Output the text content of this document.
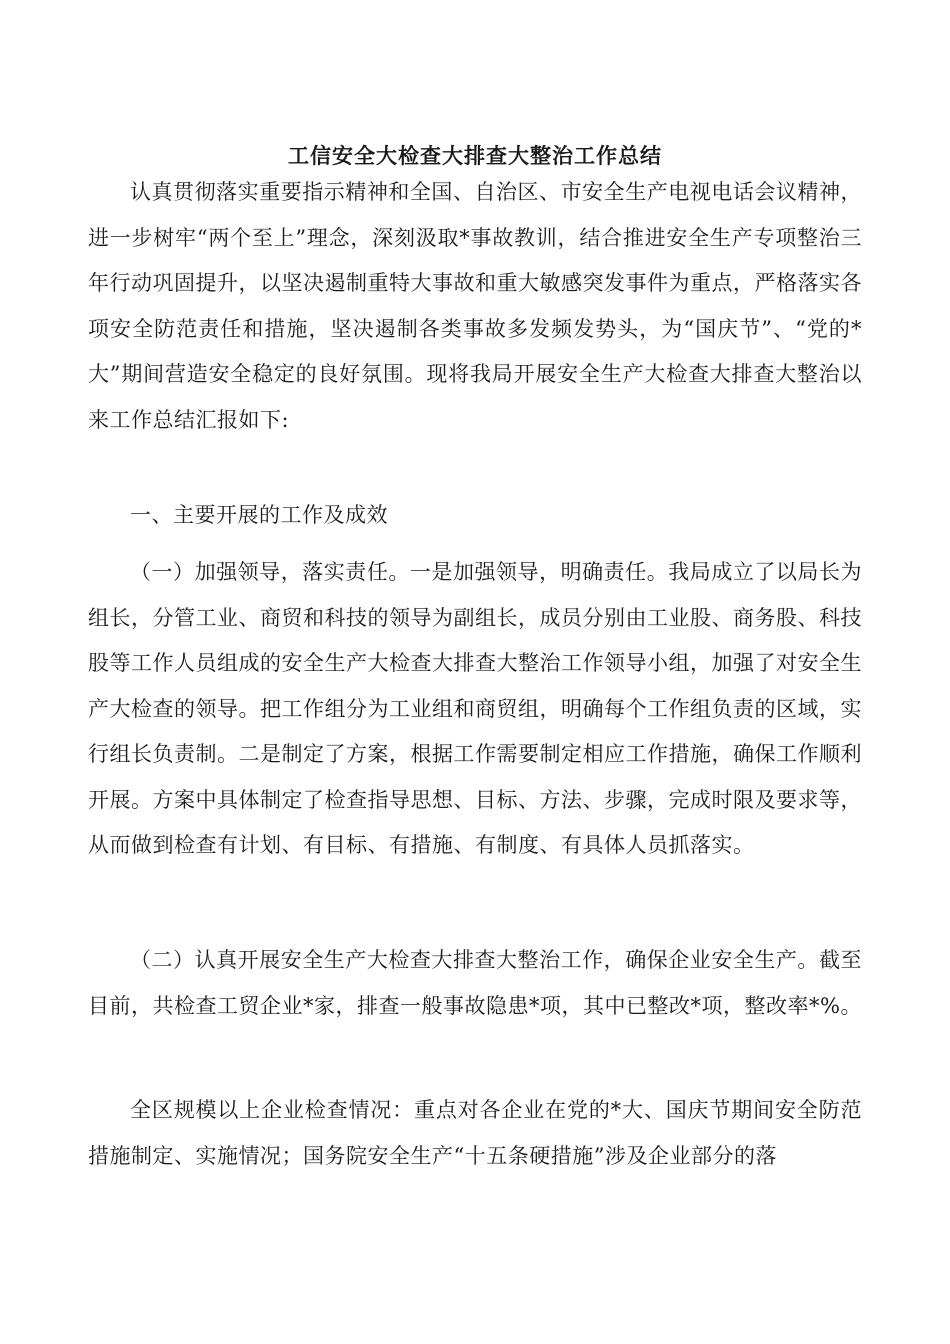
工信安全大检查大排查大整治工作总结

认真贯彻落实重要指示精神和全国、自治区、市安全生产电视电话会议精神，进一步树牢“两个至上”理念，深刻汲取*事故教训，结合推进安全生产专项整治三年行动巩固提升，以坚决遏制重特大事故和重大敏感突发事件为重点，严格落实各项安全防范责任和措施，坚决遏制各类事故多发频发势头，为“国庆节”、“党的*大”期间营造安全稳定的良好氛围。现将我局开展安全生产大检查大排查大整治以来工作总结汇报如下:

一、主要开展的工作及成效

（一）加强领导，落实责任。一是加强领导，明确责任。我局成立了以局长为组长，分管工业、商贸和科技的领导为副组长，成员分别由工业股、商务股、科技股等工作人员组成的安全生产大检查大排查大整治工作领导小组，加强了对安全生产大检查的领导。把工作组分为工业组和商贸组，明确每个工作组负责的区域，实行组长负责制。二是制定了方案，根据工作需要制定相应工作措施，确保工作顺利开展。方案中具体制定了检查指导思想、目标、方法、步骤，完成时限及要求等，从而做到检查有计划、有目标、有措施、有制度、有具体人员抓落实。

（二）认真开展安全生产大检查大排查大整治工作，确保企业安全生产。截至目前，共检查工贸企业*家，排查一般事故隐患*项，其中已整改*项，整改率*%。

全区规模以上企业检查情况：重点对各企业在党的*大、国庆节期间安全防范措施制定、实施情况；国务院安全生产“十五条硬措施”涉及企业部分的落
